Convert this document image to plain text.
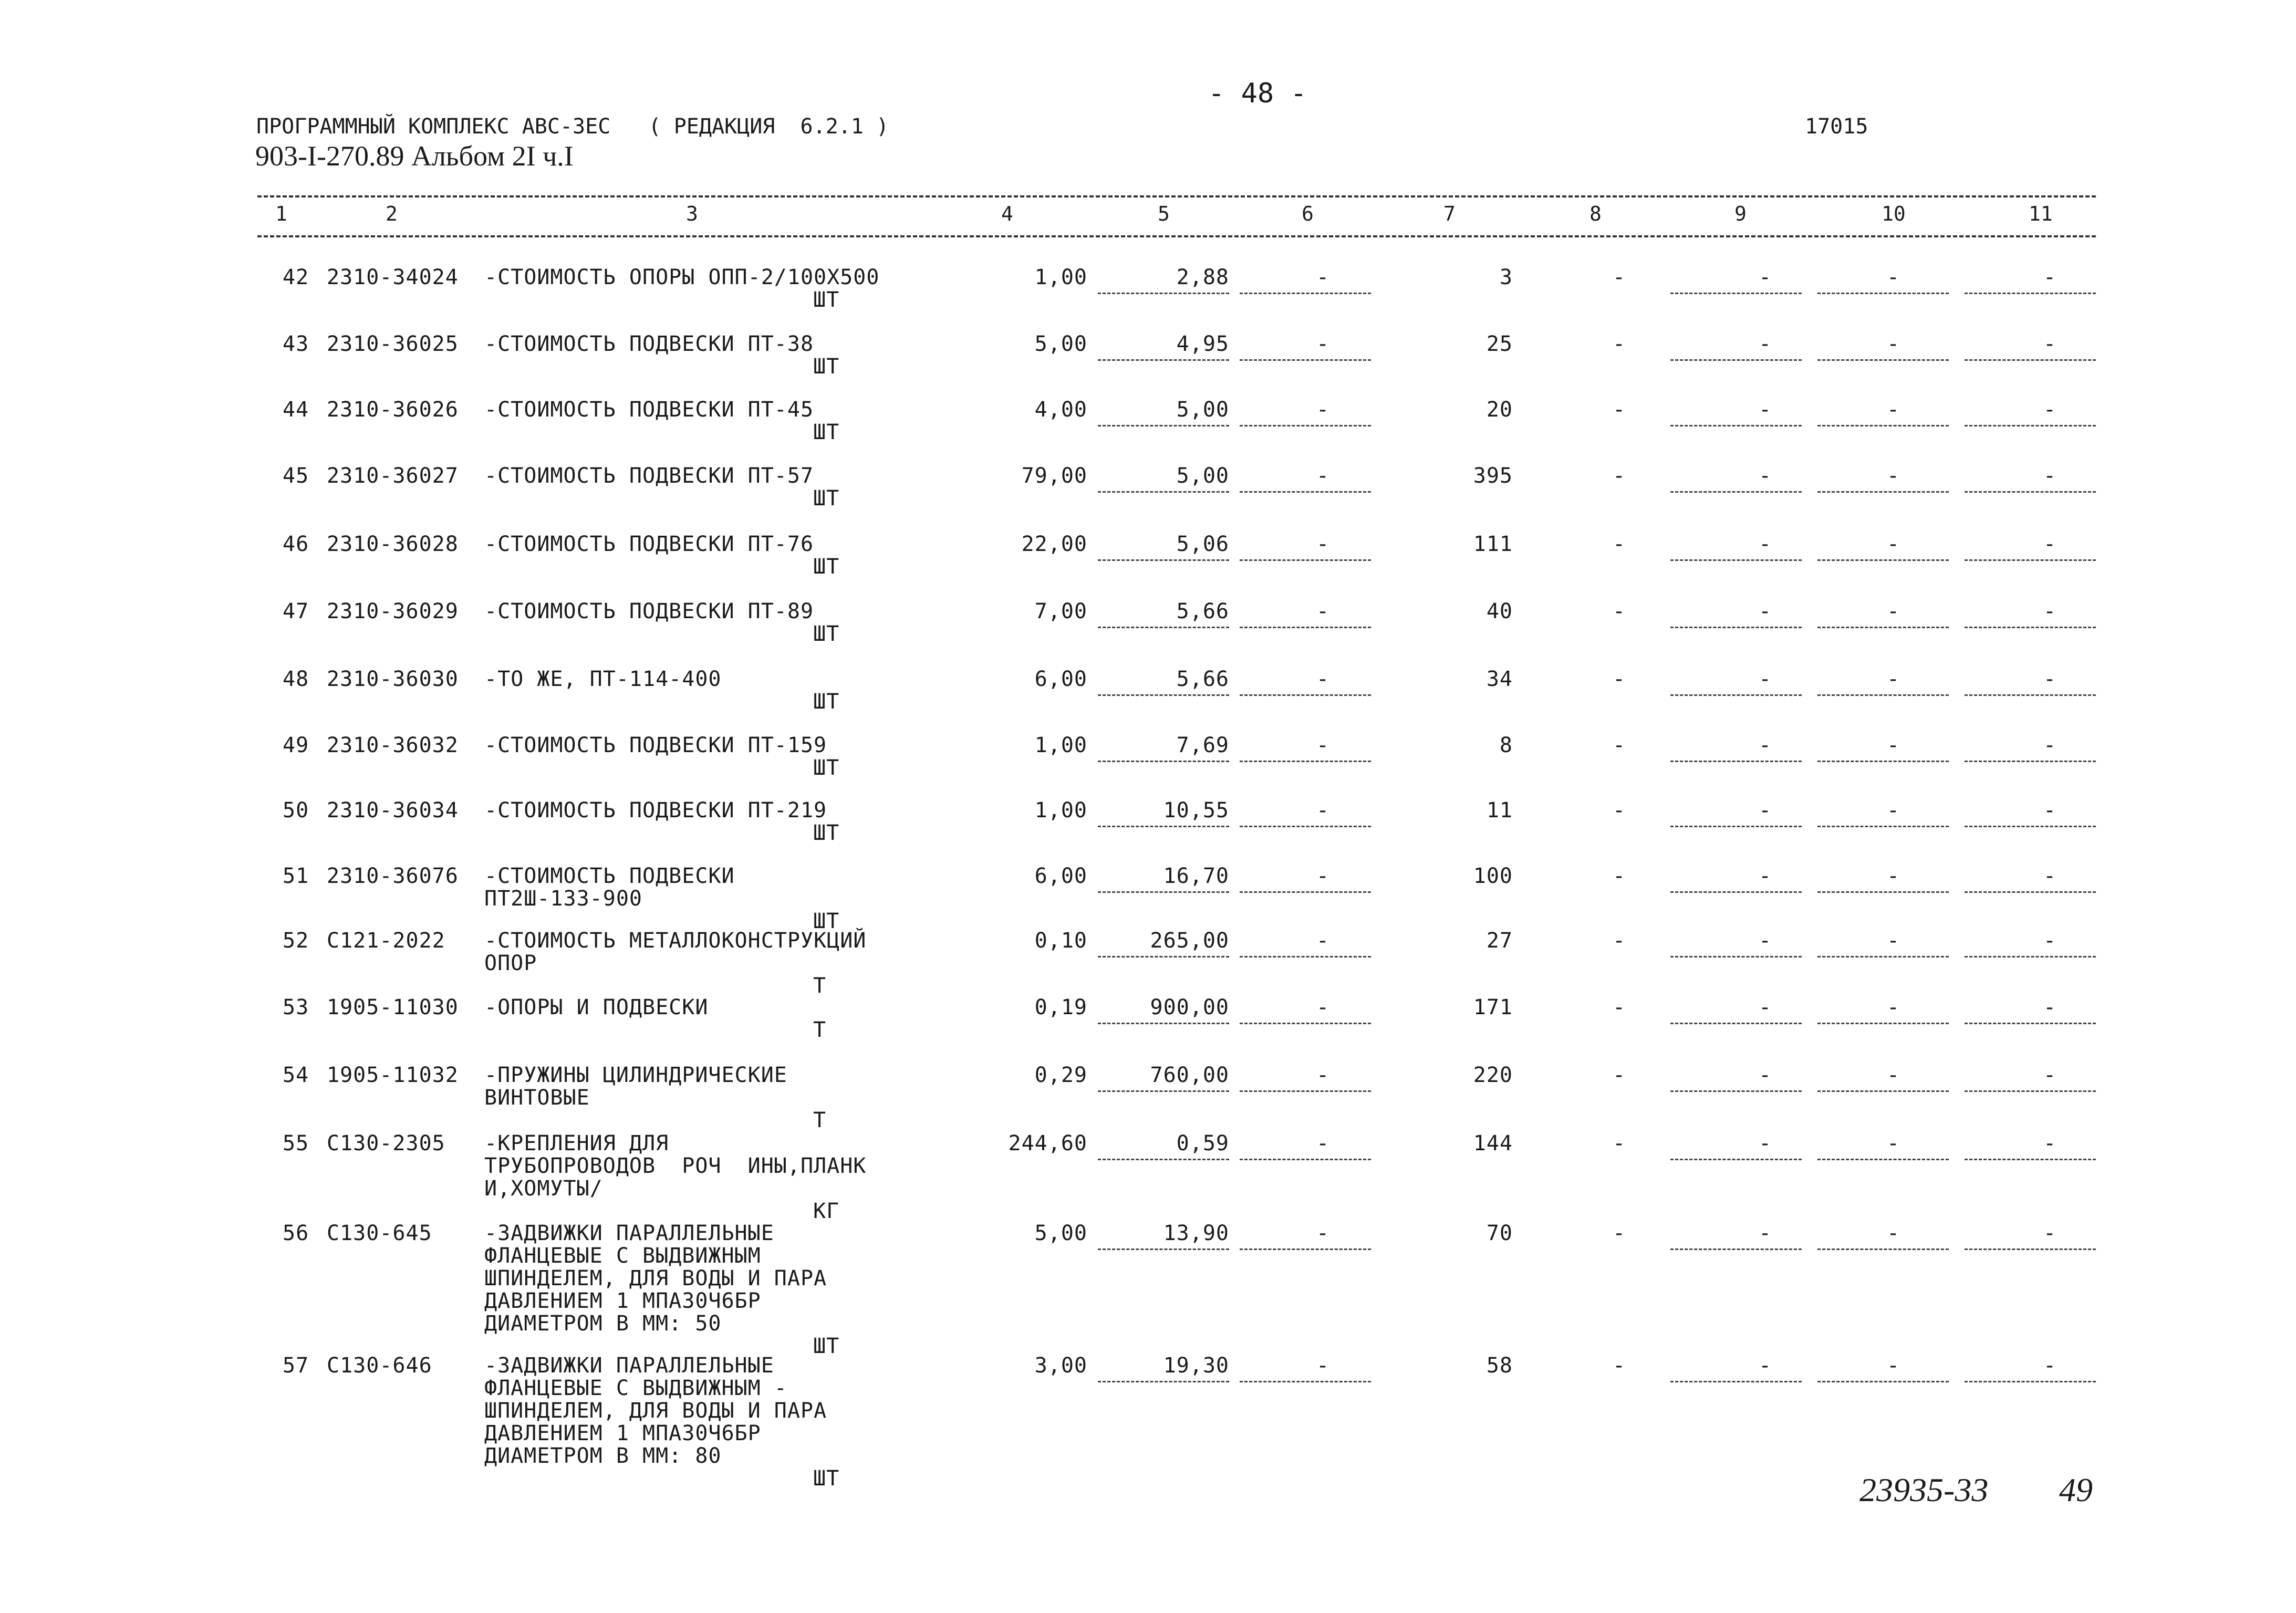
- 48 -
ПРОГРАММНЫЙ КОМПЛЕКС АВС-ЗЕС   ( РЕДАКЦИЯ  6.2.1 )
903-I-270.89 Альбом 2I ч.I
17015
1	2	3	4	5	6	7	8	9	10	11
42 2310-34024 -СТОИМОСТЬ ОПОРЫ ОПП-2/100Х500
ШТ
1,00	2,88	-	3	-	-	-	-
43 2310-36025 -СТОИМОСТЬ ПОДВЕСКИ ПТ-38
ШТ
5,00	4,95	-	25	-	-	-	-
44 2310-36026 -СТОИМОСТЬ ПОДВЕСКИ ПТ-45
ШТ
4,00	5,00	-	20	-	-	-	-
45 2310-36027 -СТОИМОСТЬ ПОДВЕСКИ ПТ-57
ШТ
79,00	5,00	-	395	-	-	-	-
46 2310-36028 -СТОИМОСТЬ ПОДВЕСКИ ПТ-76
ШТ
22,00	5,06	-	111	-	-	-	-
47 2310-36029 -СТОИМОСТЬ ПОДВЕСКИ ПТ-89
ШТ
7,00	5,66	-	40	-	-	-	-
48 2310-36030 -ТО ЖЕ, ПТ-114-400
ШТ
6,00	5,66	-	34	-	-	-	-
49 2310-36032 -СТОИМОСТЬ ПОДВЕСКИ ПТ-159
ШТ
1,00	7,69	-	8	-	-	-	-
50 2310-36034 -СТОИМОСТЬ ПОДВЕСКИ ПТ-219
ШТ
1,00	10,55	-	11	-	-	-	-
51 2310-36076 -СТОИМОСТЬ ПОДВЕСКИ
ПТ2Ш-133-900
ШТ
6,00	16,70	-	100	-	-	-	-
52 С121-2022 -СТОИМОСТЬ МЕТАЛЛОКОНСТРУКЦИЙ
ОПОР
Т
0,10	265,00	-	27	-	-	-	-
53 1905-11030 -ОПОРЫ И ПОДВЕСКИ
Т
0,19	900,00	-	171	-	-	-	-
54 1905-11032 -ПРУЖИНЫ ЦИЛИНДРИЧЕСКИЕ
ВИНТОВЫЕ
Т
0,29	760,00	-	220	-	-	-	-
55 С130-2305 -КРЕПЛЕНИЯ ДЛЯ
ТРУБОПРОВОДОВ  РОЧ  ИНЫ,ПЛАНК
И,ХОМУТЫ/
КГ
244,60	0,59	-	144	-	-	-	-
56 С130-645 -ЗАДВИЖКИ ПАРАЛЛЕЛЬНЫЕ
ФЛАНЦЕВЫЕ С ВЫДВИЖНЫМ
ШПИНДЕЛЕМ, ДЛЯ ВОДЫ И ПАРА
ДАВЛЕНИЕМ 1 МПА30Ч6БР
ДИАМЕТРОМ В ММ: 50
ШТ
5,00	13,90	-	70	-	-	-	-
57 С130-646 -ЗАДВИЖКИ ПАРАЛЛЕЛЬНЫЕ
ФЛАНЦЕВЫЕ С ВЫДВИЖНЫМ -
ШПИНДЕЛЕМ, ДЛЯ ВОДЫ И ПАРА
ДАВЛЕНИЕМ 1 МПА30Ч6БР
ДИАМЕТРОМ В ММ: 80
ШТ
3,00	19,30	-	58	-	-	-	-
23935-33 49
